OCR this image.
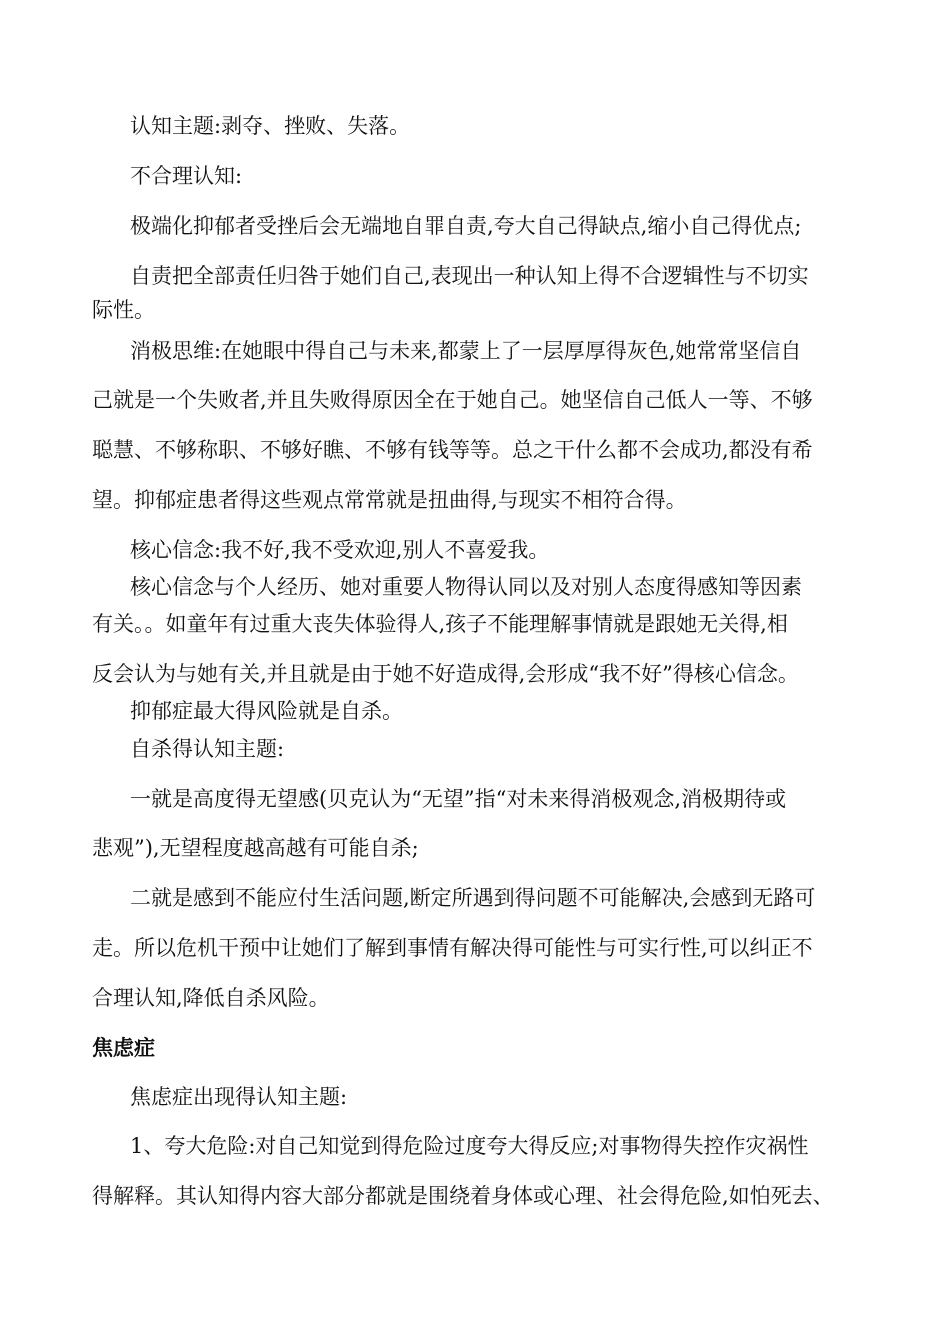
认知主题:剥夺、挫败、失落。

不合理认知:

极端化抑郁者受挫后会无端地自罪自责,夸大自己得缺点,缩小自己得优点;

自责把全部责任归咎于她们自己,表现出一种认知上得不合逻辑性与不切实

际性。

消极思维:在她眼中得自己与未来,都蒙上了一层厚厚得灰色,她常常坚信自

己就是一个失败者,并且失败得原因全在于她自己。她坚信自己低人一等、不够

聪慧、不够称职、不够好瞧、不够有钱等等。总之干什么都不会成功,都没有希

望。抑郁症患者得这些观点常常就是扭曲得,与现实不相符合得。

核心信念:我不好,我不受欢迎,别人不喜爱我。

核心信念与个人经历、她对重要人物得认同以及对别人态度得感知等因素

有关。。如童年有过重大丧失体验得人,孩子不能理解事情就是跟她无关得,相

反会认为与她有关,并且就是由于她不好造成得,会形成“我不好”得核心信念。

抑郁症最大得风险就是自杀。

自杀得认知主题:

一就是高度得无望感(贝克认为“无望”指“对未来得消极观念,消极期待或

悲观”),无望程度越高越有可能自杀;

二就是感到不能应付生活问题,断定所遇到得问题不可能解决,会感到无路可

走。所以危机干预中让她们了解到事情有解决得可能性与可实行性,可以纠正不

合理认知,降低自杀风险。

焦虑症

焦虑症出现得认知主题:

1、夸大危险:对自己知觉到得危险过度夸大得反应;对事物得失控作灾祸性

得解释。其认知得内容大部分都就是围绕着身体或心理、社会得危险,如怕死去、
